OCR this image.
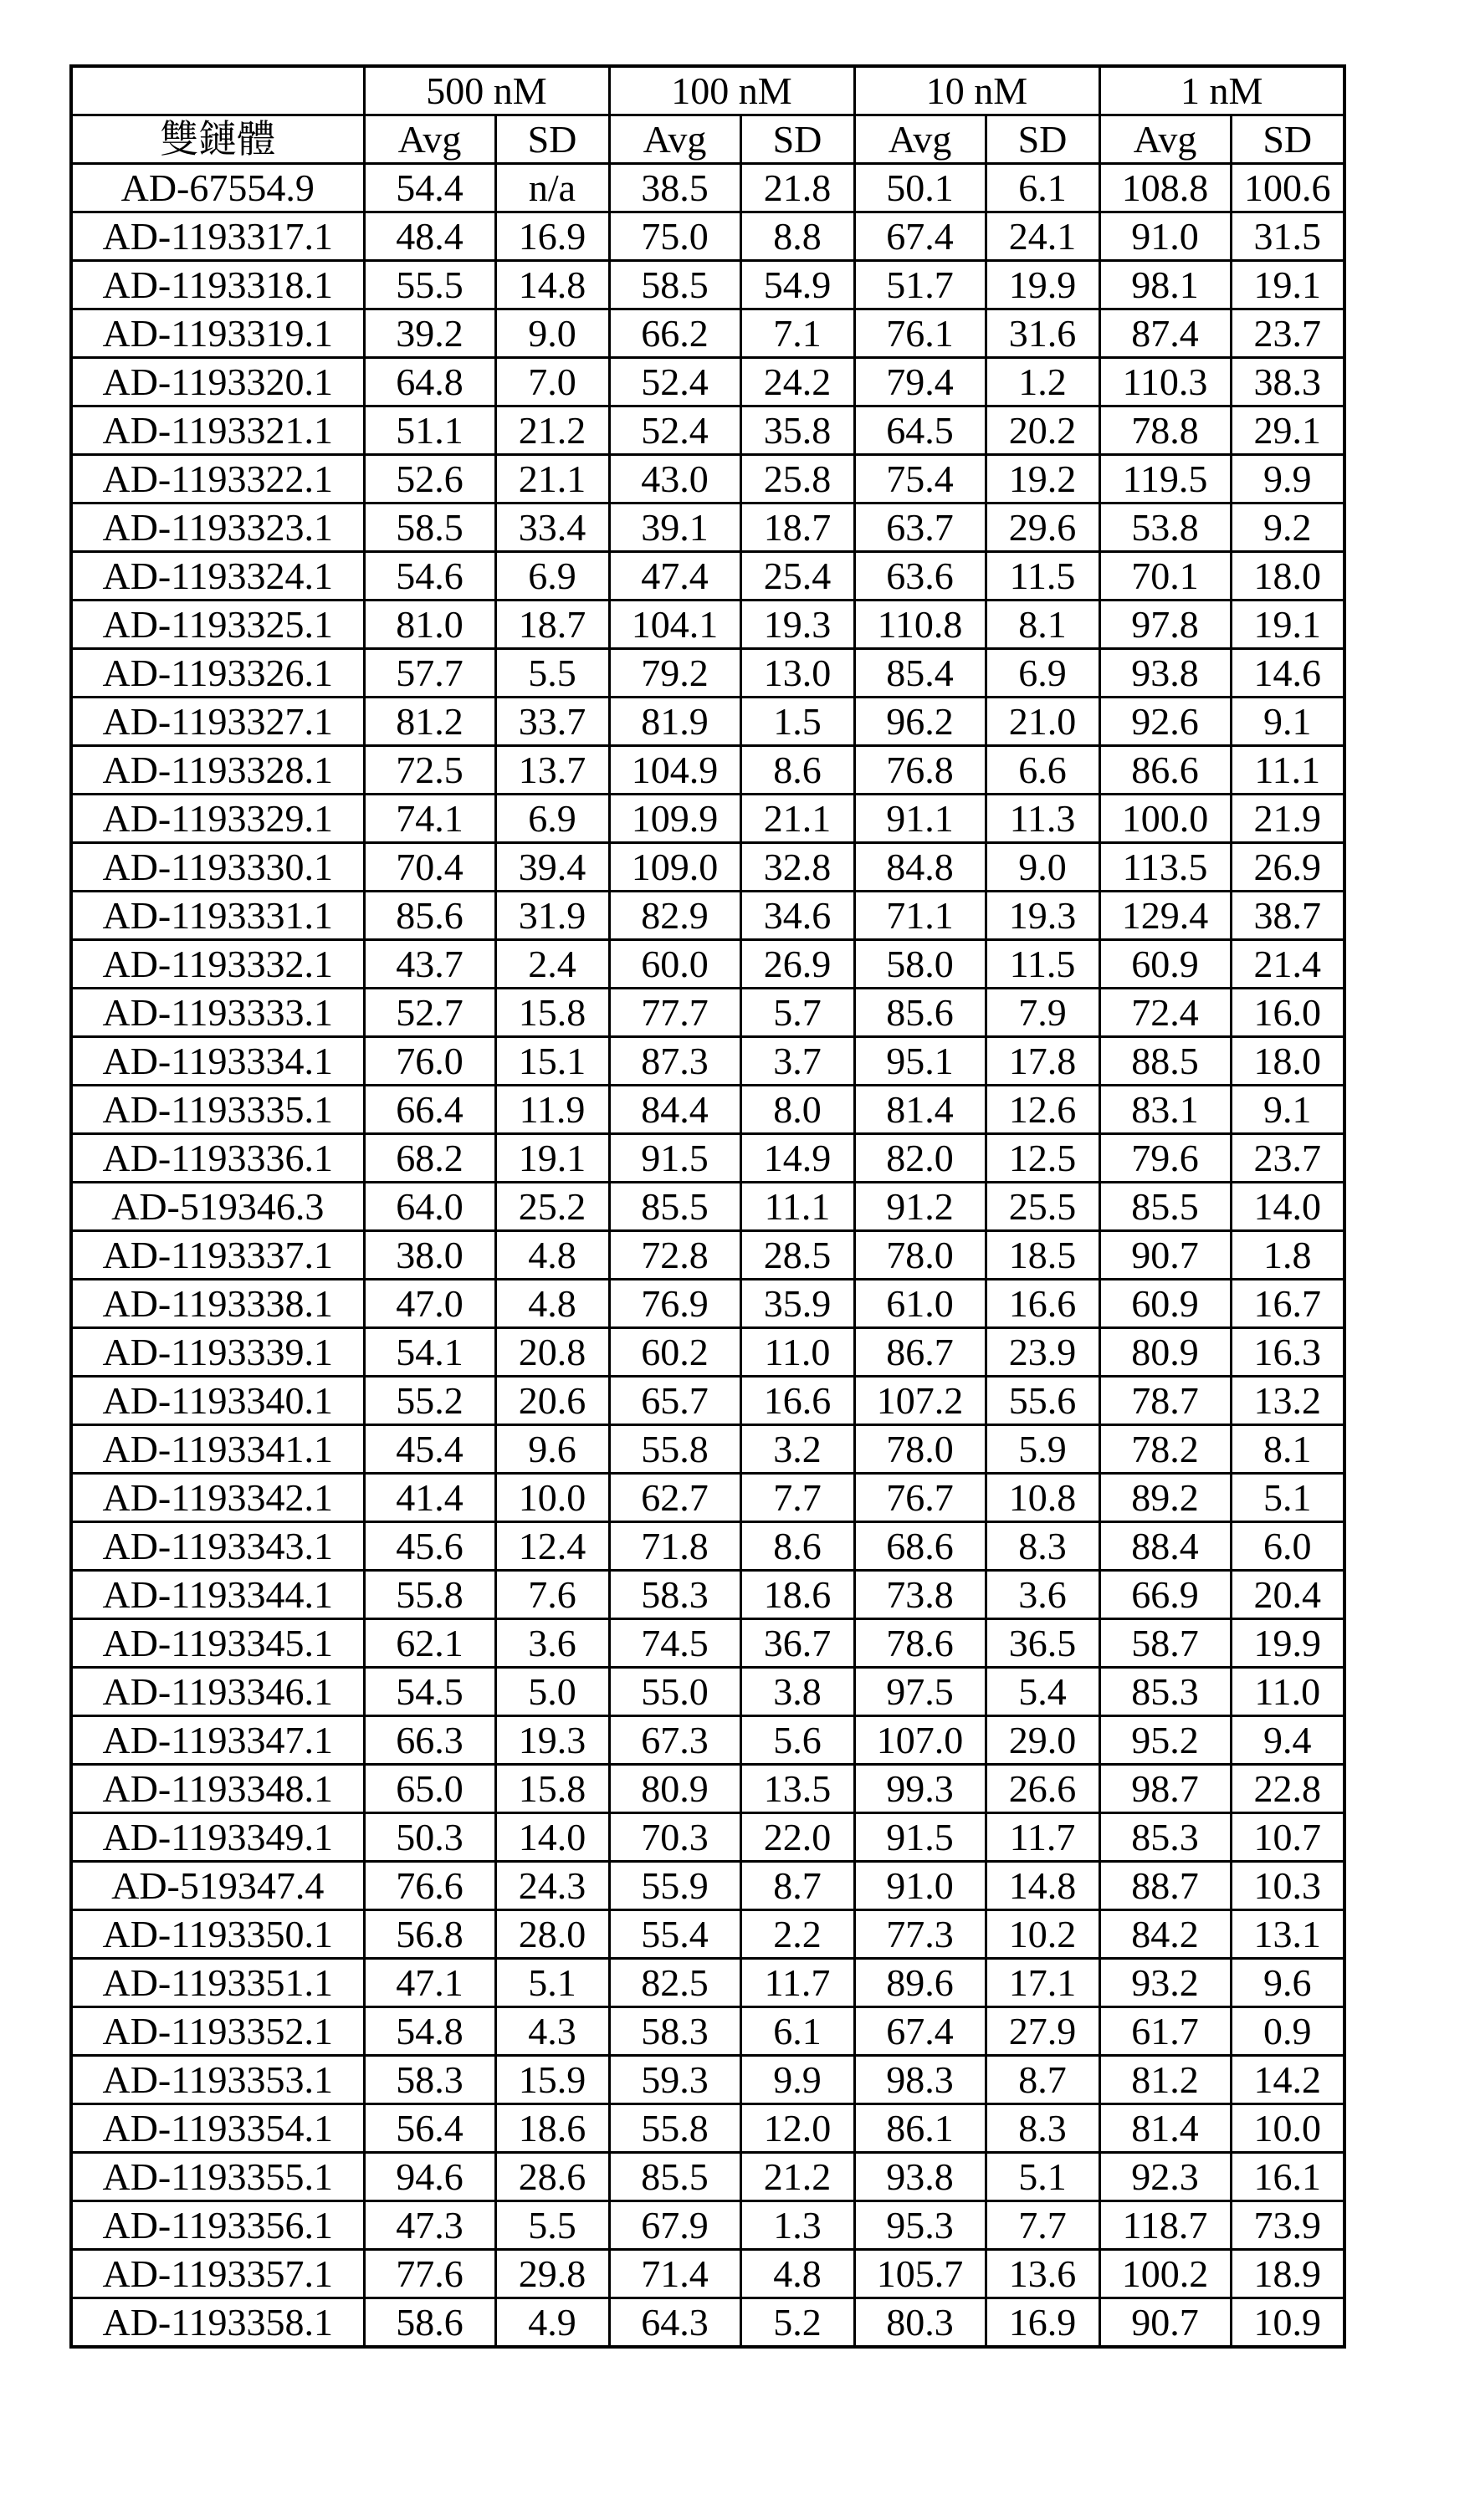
	500 nM	100 nM	10 nM	1 nM
雙鏈體	Avg	SD	Avg	SD	Avg	SD	Avg	SD
AD-67554.9	54.4	n/a	38.5	21.8	50.1	6.1	108.8	100.6
AD-1193317.1	48.4	16.9	75.0	8.8	67.4	24.1	91.0	31.5
AD-1193318.1	55.5	14.8	58.5	54.9	51.7	19.9	98.1	19.1
AD-1193319.1	39.2	9.0	66.2	7.1	76.1	31.6	87.4	23.7
AD-1193320.1	64.8	7.0	52.4	24.2	79.4	1.2	110.3	38.3
AD-1193321.1	51.1	21.2	52.4	35.8	64.5	20.2	78.8	29.1
AD-1193322.1	52.6	21.1	43.0	25.8	75.4	19.2	119.5	9.9
AD-1193323.1	58.5	33.4	39.1	18.7	63.7	29.6	53.8	9.2
AD-1193324.1	54.6	6.9	47.4	25.4	63.6	11.5	70.1	18.0
AD-1193325.1	81.0	18.7	104.1	19.3	110.8	8.1	97.8	19.1
AD-1193326.1	57.7	5.5	79.2	13.0	85.4	6.9	93.8	14.6
AD-1193327.1	81.2	33.7	81.9	1.5	96.2	21.0	92.6	9.1
AD-1193328.1	72.5	13.7	104.9	8.6	76.8	6.6	86.6	11.1
AD-1193329.1	74.1	6.9	109.9	21.1	91.1	11.3	100.0	21.9
AD-1193330.1	70.4	39.4	109.0	32.8	84.8	9.0	113.5	26.9
AD-1193331.1	85.6	31.9	82.9	34.6	71.1	19.3	129.4	38.7
AD-1193332.1	43.7	2.4	60.0	26.9	58.0	11.5	60.9	21.4
AD-1193333.1	52.7	15.8	77.7	5.7	85.6	7.9	72.4	16.0
AD-1193334.1	76.0	15.1	87.3	3.7	95.1	17.8	88.5	18.0
AD-1193335.1	66.4	11.9	84.4	8.0	81.4	12.6	83.1	9.1
AD-1193336.1	68.2	19.1	91.5	14.9	82.0	12.5	79.6	23.7
AD-519346.3	64.0	25.2	85.5	11.1	91.2	25.5	85.5	14.0
AD-1193337.1	38.0	4.8	72.8	28.5	78.0	18.5	90.7	1.8
AD-1193338.1	47.0	4.8	76.9	35.9	61.0	16.6	60.9	16.7
AD-1193339.1	54.1	20.8	60.2	11.0	86.7	23.9	80.9	16.3
AD-1193340.1	55.2	20.6	65.7	16.6	107.2	55.6	78.7	13.2
AD-1193341.1	45.4	9.6	55.8	3.2	78.0	5.9	78.2	8.1
AD-1193342.1	41.4	10.0	62.7	7.7	76.7	10.8	89.2	5.1
AD-1193343.1	45.6	12.4	71.8	8.6	68.6	8.3	88.4	6.0
AD-1193344.1	55.8	7.6	58.3	18.6	73.8	3.6	66.9	20.4
AD-1193345.1	62.1	3.6	74.5	36.7	78.6	36.5	58.7	19.9
AD-1193346.1	54.5	5.0	55.0	3.8	97.5	5.4	85.3	11.0
AD-1193347.1	66.3	19.3	67.3	5.6	107.0	29.0	95.2	9.4
AD-1193348.1	65.0	15.8	80.9	13.5	99.3	26.6	98.7	22.8
AD-1193349.1	50.3	14.0	70.3	22.0	91.5	11.7	85.3	10.7
AD-519347.4	76.6	24.3	55.9	8.7	91.0	14.8	88.7	10.3
AD-1193350.1	56.8	28.0	55.4	2.2	77.3	10.2	84.2	13.1
AD-1193351.1	47.1	5.1	82.5	11.7	89.6	17.1	93.2	9.6
AD-1193352.1	54.8	4.3	58.3	6.1	67.4	27.9	61.7	0.9
AD-1193353.1	58.3	15.9	59.3	9.9	98.3	8.7	81.2	14.2
AD-1193354.1	56.4	18.6	55.8	12.0	86.1	8.3	81.4	10.0
AD-1193355.1	94.6	28.6	85.5	21.2	93.8	5.1	92.3	16.1
AD-1193356.1	47.3	5.5	67.9	1.3	95.3	7.7	118.7	73.9
AD-1193357.1	77.6	29.8	71.4	4.8	105.7	13.6	100.2	18.9
AD-1193358.1	58.6	4.9	64.3	5.2	80.3	16.9	90.7	10.9
